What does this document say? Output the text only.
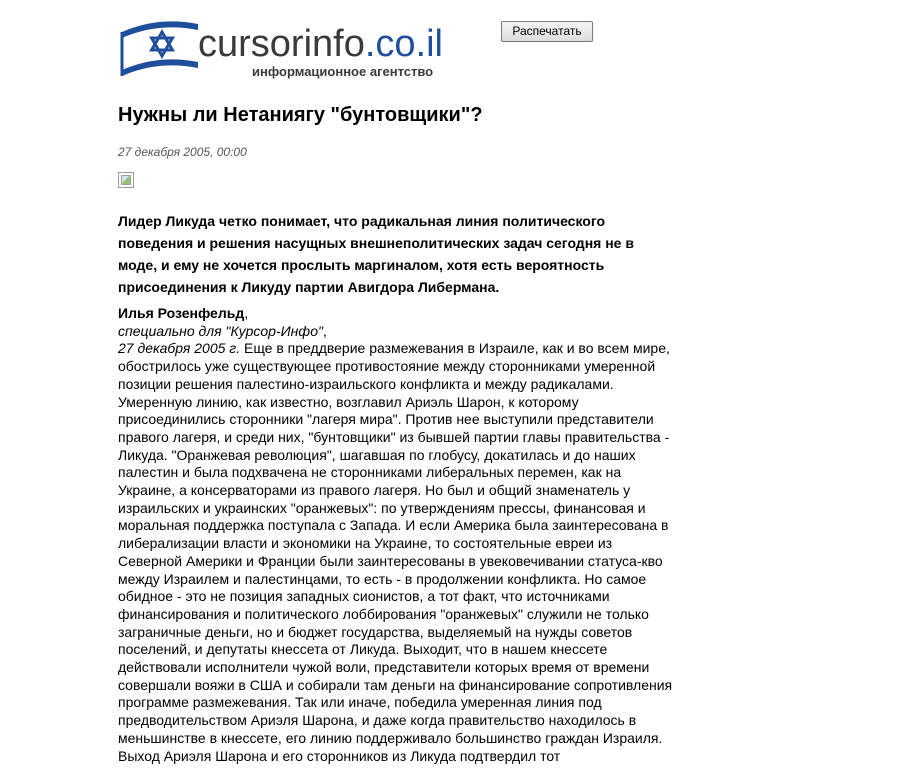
cursorinfo.co.il
информационное агентство
Распечатать
Нужны ли Нетаниягу "бунтовщики"?
27 декабря 2005, 00:00

Лидер Ликуда четко понимает, что радикальная линия политического поведения и решения насущных внешнеполитических задач сегодня не в моде, и ему не хочется прослыть маргиналом, хотя есть вероятность присоединения к Ликуду партии Авигдора Либермана.

Илья Розенфельд,

специально для "Курсор-Инфо",

27 декабря 2005 г. Еще в преддверие размежевания в Израиле, как и во всем мире, обострилось уже существующее противостояние между сторонниками умеренной позиции решения палестино-израильского конфликта и между радикалами. Умеренную линию, как известно, возглавил Ариэль Шарон, к которому присоединились сторонники "лагеря мира". Против нее выступили представители правого лагеря, и среди них, "бунтовщики" из бывшей партии главы правительства - Ликуда. "Оранжевая революция", шагавшая по глобусу, докатилась и до наших палестин и была подхвачена не сторонниками либеральных перемен, как на Украине, а консерваторами из правого лагеря. Но был и общий знаменатель у израильских и украинских "оранжевых": по утверждениям прессы, финансовая и моральная поддержка поступала с Запада. И если Америка была заинтересована в либерализации власти и экономики на Украине, то состоятельные евреи из Северной Америки и Франции были заинтересованы в увековечивании статуса-кво между Израилем и палестинцами, то есть - в продолжении конфликта. Но самое обидное - это не позиция западных сионистов, а тот факт, что источниками финансирования и политического лоббирования "оранжевых" служили не только заграничные деньги, но и бюджет государства, выделяемый на нужды советов поселений, и депутаты кнессета от Ликуда. Выходит, что в нашем кнессете действовали исполнители чужой воли, представители которых время от времени совершали вояжи в США и собирали там деньги на финансирование сопротивления программе размежевания. Так или иначе, победила умеренная линия под предводительством Ариэля Шарона, и даже когда правительство находилось в меньшинстве в кнессете, его линию поддерживало большинство граждан Израиля. Выход Ариэля Шарона и его сторонников из Ликуда подтвердил тот
